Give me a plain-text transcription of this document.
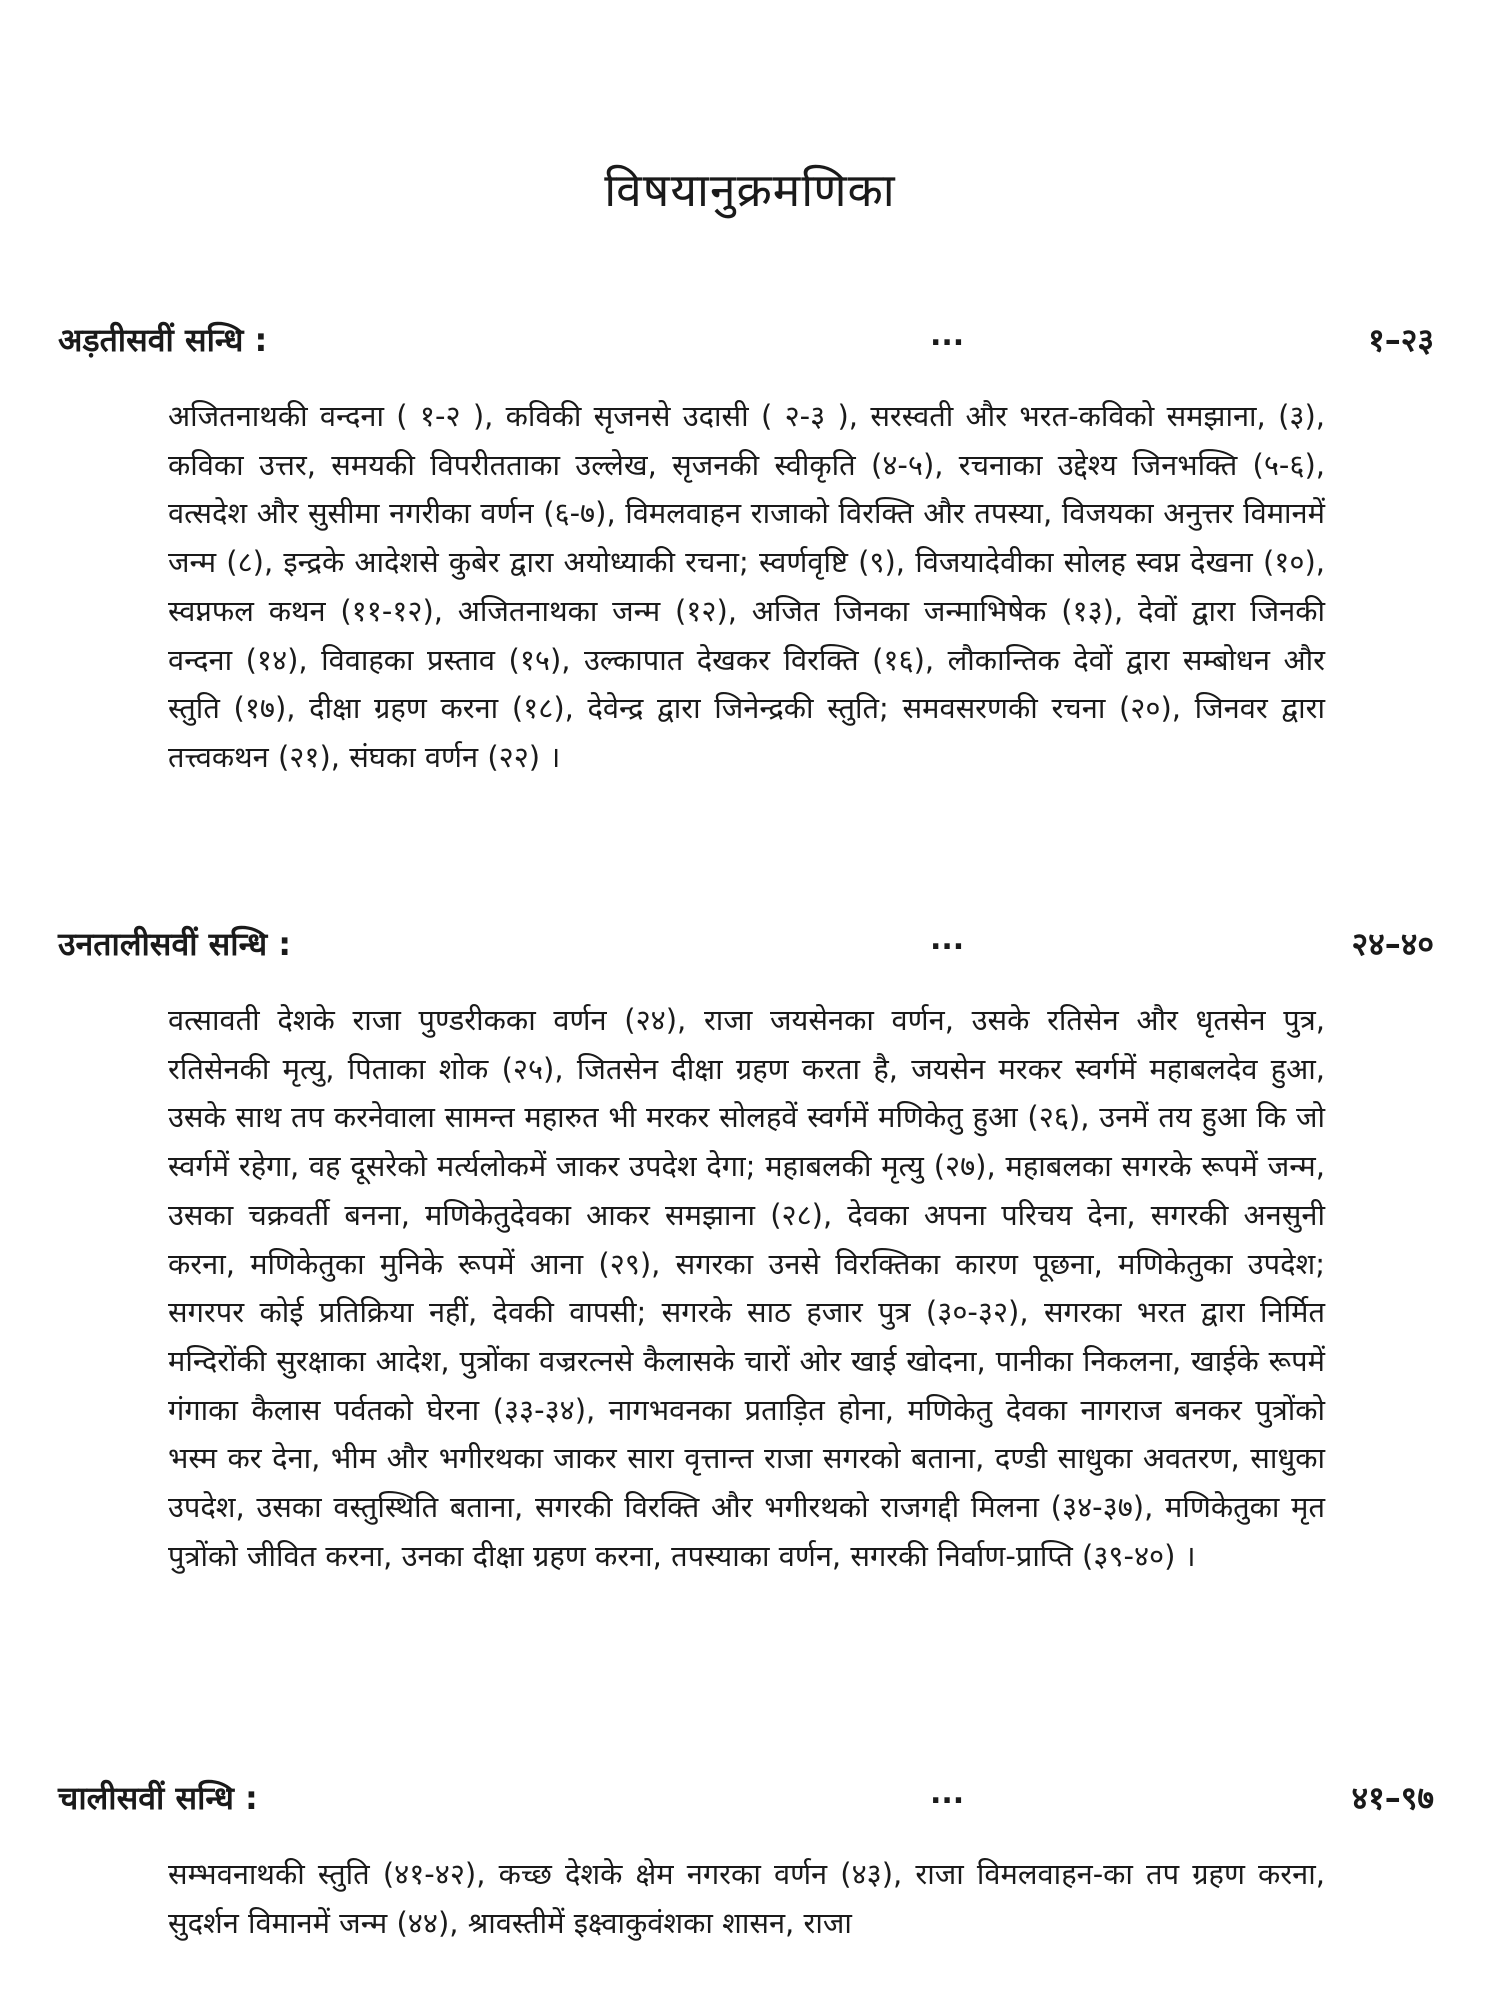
विषयानुक्रमणिका
अड़तीसवीं सन्धि :	...	१–२३

अजितनाथकी वन्दना ( १-२ ), कविकी सृजनसे उदासी ( २-३ ), सरस्वती और भरत-कविको समझाना, (३), कविका उत्तर, समयकी विपरीतताका उल्लेख, सृजनकी स्वीकृति (४-५), रचनाका उद्देश्य जिनभक्ति (५-६), वत्सदेश और सुसीमा नगरीका वर्णन (६-७), विमलवाहन राजाको विरक्ति और तपस्या, विजयका अनुत्तर विमानमें जन्म (८), इन्द्रके आदेशसे कुबेर द्वारा अयोध्याकी रचना; स्वर्णवृष्टि (९), विजयादेवीका सोलह स्वप्न देखना (१०), स्वप्नफल कथन (११-१२), अजितनाथका जन्म (१२), अजित जिनका जन्माभिषेक (१३), देवों द्वारा जिनकी वन्दना (१४), विवाहका प्रस्ताव (१५), उल्कापात देखकर विरक्ति (१६), लौकान्तिक देवों द्वारा सम्बोधन और स्तुति (१७), दीक्षा ग्रहण करना (१८), देवेन्द्र द्वारा जिनेन्द्रकी स्तुति; समवसरणकी रचना (२०), जिनवर द्वारा तत्त्वकथन (२१), संघका वर्णन (२२) ।

उनतालीसवीं सन्धि :	...	२४–४०

वत्सावती देशके राजा पुण्डरीकका वर्णन (२४), राजा जयसेनका वर्णन, उसके रतिसेन और धृतसेन पुत्र, रतिसेनकी मृत्यु, पिताका शोक (२५), जितसेन दीक्षा ग्रहण करता है, जयसेन मरकर स्वर्गमें महाबलदेव हुआ, उसके साथ तप करनेवाला सामन्त महारुत भी मरकर सोलहवें स्वर्गमें मणिकेतु हुआ (२६), उनमें तय हुआ कि जो स्वर्गमें रहेगा, वह दूसरेको मर्त्यलोकमें जाकर उपदेश देगा; महाबलकी मृत्यु (२७), महाबलका सगरके रूपमें जन्म, उसका चक्रवर्ती बनना, मणिकेतुदेवका आकर समझाना (२८), देवका अपना परिचय देना, सगरकी अनसुनी करना, मणिकेतुका मुनिके रूपमें आना (२९), सगरका उनसे विरक्तिका कारण पूछना, मणिकेतुका उपदेश; सगरपर कोई प्रतिक्रिया नहीं, देवकी वापसी; सगरके साठ हजार पुत्र (३०-३२), सगरका भरत द्वारा निर्मित मन्दिरोंकी सुरक्षाका आदेश, पुत्रोंका वज्ररत्नसे कैलासके चारों ओर खाई खोदना, पानीका निकलना, खाईके रूपमें गंगाका कैलास पर्वतको घेरना (३३-३४), नागभवनका प्रताड़ित होना, मणिकेतु देवका नागराज बनकर पुत्रोंको भस्म कर देना, भीम और भगीरथका जाकर सारा वृत्तान्त राजा सगरको बताना, दण्डी साधुका अवतरण, साधुका उपदेश, उसका वस्तुस्थिति बताना, सगरकी विरक्ति और भगीरथको राजगद्दी मिलना (३४-३७), मणिकेतुका मृत पुत्रोंको जीवित करना, उनका दीक्षा ग्रहण करना, तपस्याका वर्णन, सगरकी निर्वाण-प्राप्ति (३९-४०) ।

चालीसवीं सन्धि :	...	४१–९७

सम्भवनाथकी स्तुति (४१-४२), कच्छ देशके क्षेम नगरका वर्णन (४३), राजा विमलवाहन-का तप ग्रहण करना, सुदर्शन विमानमें जन्म (४४), श्रावस्तीमें इक्ष्वाकुवंशका शासन, राजा
